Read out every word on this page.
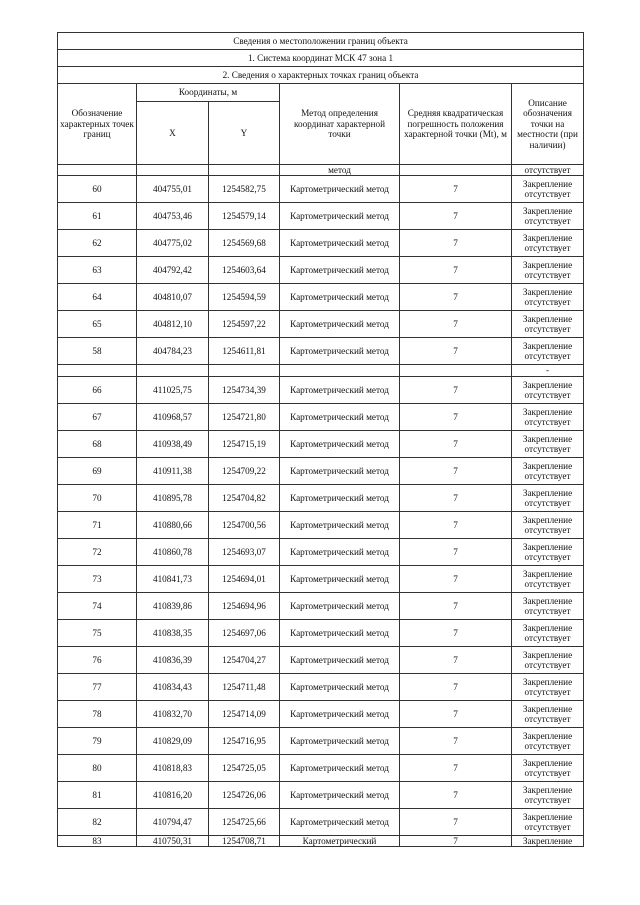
Сведения о местоположении границ объекта					
1. Система координат МСК 47 зона 1					
2. Сведения о характерных точках границ объекта					
Обозначение характерных точек границ	Координаты, м		Метод определения координат характерной точки	Средняя квадратическая погрешность положения характерной точки (Mt), м	Описание обозначения точки на местности (при наличии)
	X	Y			
			метод		отсутствует
60	404755,01	1254582,75	Картометрический метод	7	Закрепление отсутствует
61	404753,46	1254579,14	Картометрический метод	7	Закрепление отсутствует
62	404775,02	1254569,68	Картометрический метод	7	Закрепление отсутствует
63	404792,42	1254603,64	Картометрический метод	7	Закрепление отсутствует
64	404810,07	1254594,59	Картометрический метод	7	Закрепление отсутствует
65	404812,10	1254597,22	Картометрический метод	7	Закрепление отсутствует
58	404784,23	1254611,81	Картометрический метод	7	Закрепление отсутствует
					-
66	411025,75	1254734,39	Картометрический метод	7	Закрепление отсутствует
67	410968,57	1254721,80	Картометрический метод	7	Закрепление отсутствует
68	410938,49	1254715,19	Картометрический метод	7	Закрепление отсутствует
69	410911,38	1254709,22	Картометрический метод	7	Закрепление отсутствует
70	410895,78	1254704,82	Картометрический метод	7	Закрепление отсутствует
71	410880,66	1254700,56	Картометрический метод	7	Закрепление отсутствует
72	410860,78	1254693,07	Картометрический метод	7	Закрепление отсутствует
73	410841,73	1254694,01	Картометрический метод	7	Закрепление отсутствует
74	410839,86	1254694,96	Картометрический метод	7	Закрепление отсутствует
75	410838,35	1254697,06	Картометрический метод	7	Закрепление отсутствует
76	410836,39	1254704,27	Картометрический метод	7	Закрепление отсутствует
77	410834,43	1254711,48	Картометрический метод	7	Закрепление отсутствует
78	410832,70	1254714,09	Картометрический метод	7	Закрепление отсутствует
79	410829,09	1254716,95	Картометрический метод	7	Закрепление отсутствует
80	410818,83	1254725,05	Картометрический метод	7	Закрепление отсутствует
81	410816,20	1254726,06	Картометрический метод	7	Закрепление отсутствует
82	410794,47	1254725,66	Картометрический метод	7	Закрепление отсутствует
83	410750,31	1254708,71	Картометрический	7	Закрепление
